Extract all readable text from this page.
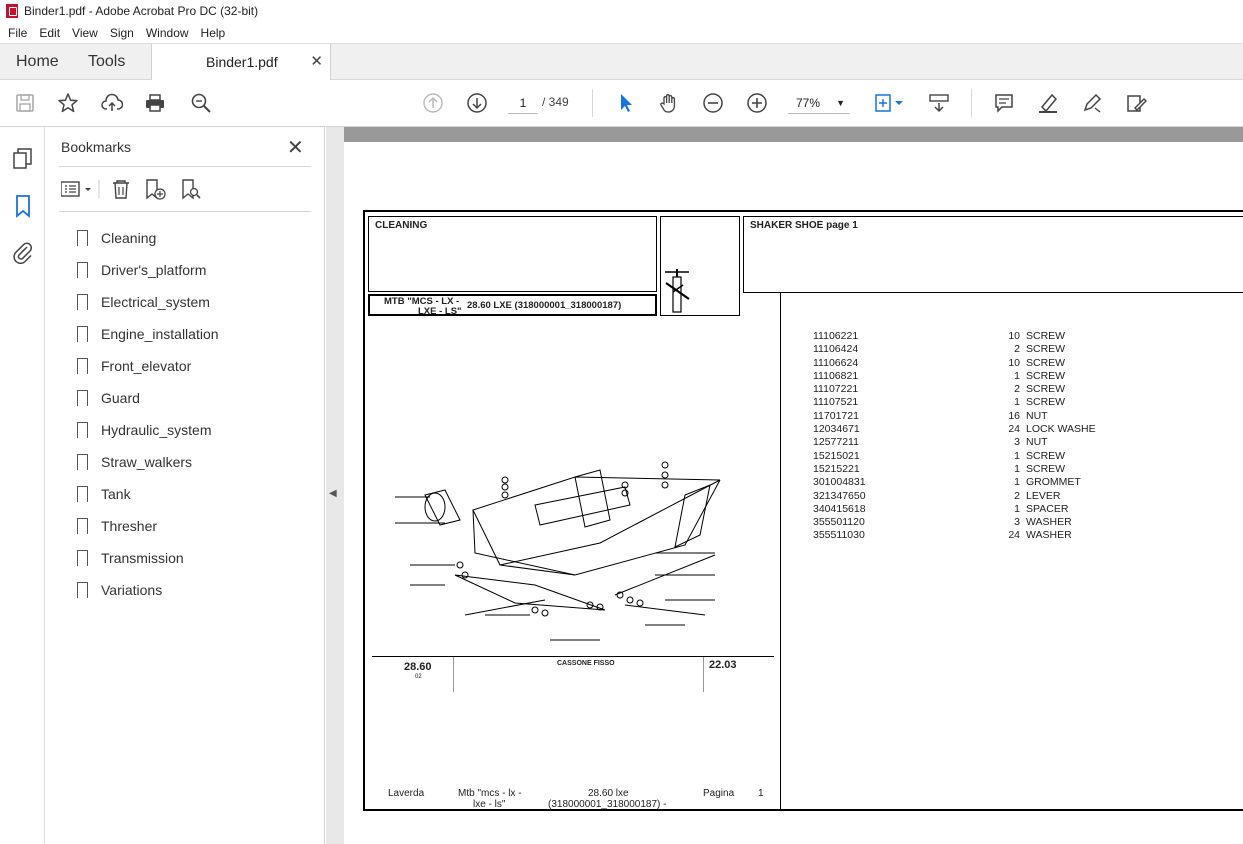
Binder1.pdf - Adobe Acrobat Pro DC (32-bit)
File	Edit	View	Sign	Window	Help
Home Tools	Binder1.pdf ✕
1	/ 349	77% ▼
Bookmarks	✕
Cleaning
Driver's_platform
Electrical_system
Engine_installation
Front_elevator
Guard
Hydraulic_system
Straw_walkers
Tank
Thresher
Transmission
Variations
◀
CLEANING
MTB "MCS - LX -
LXE - LS"
28.60 LXE (318000001_318000187)
SHAKER SHOE page 1
11106221	10 SCREW
11106424	2 SCREW
11106624	10 SCREW
11106821	1 SCREW
11107221	2 SCREW
11107521	1 SCREW
11701721	16 NUT
12034671	24 LOCK WASHE
12577211	3 NUT
15215021	1 SCREW
15215221	1 SCREW
301004831	1 GROMMET
321347650	2 LEVER
340415618	1 SPACER
355501120	3 WASHER
355511030	24 WASHER
28.60
02
CASSONE FISSO	22.03
Laverda	Mtb "mcs - lx -
lxe - ls"
28.60 lxe
(318000001_318000187) -
Pagina 1
